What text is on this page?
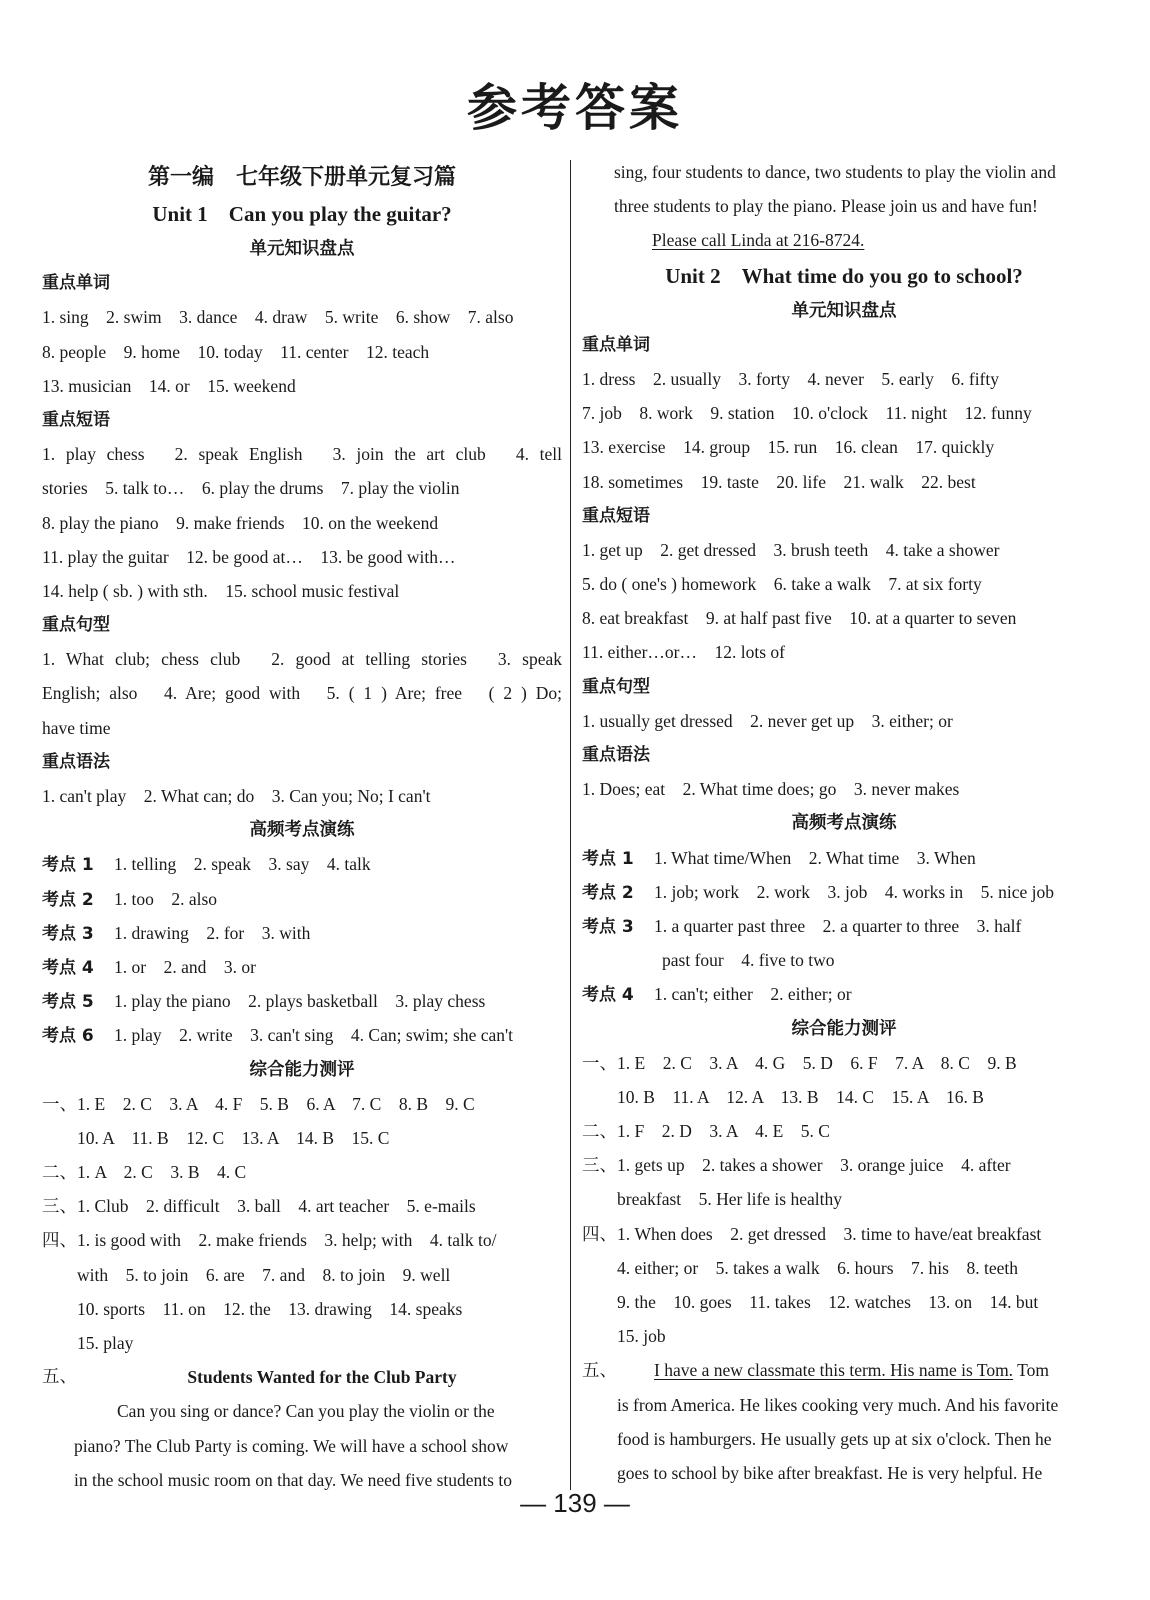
参考答案
第一编　七年级下册单元复习篇
Unit 1　Can you play the guitar?
单元知识盘点
重点单词
1. sing　2. swim　3. dance　4. draw　5. write　6. show　7. also
8. people　9. home　10. today　11. center　12. teach
13. musician　14. or　15. weekend
重点短语
1. play chess　2. speak English　3. join the art club　4. tell
stories　5. talk to…　6. play the drums　7. play the violin
8. play the piano　9. make friends　10. on the weekend
11. play the guitar　12. be good at…　13. be good with…
14. help ( sb. ) with sth.　15. school music festival
重点句型
1. What club; chess club　2. good at telling stories　3. speak
English; also　4. Are; good with　5. ( 1 ) Are; free　( 2 ) Do;
have time
重点语法
1. can't play　2. What can; do　3. Can you; No; I can't
高频考点演练
考点 1 1. telling　2. speak　3. say　4. talk
考点 2 1. too　2. also
考点 3 1. drawing　2. for　3. with
考点 4 1. or　2. and　3. or
考点 5 1. play the piano　2. plays basketball　3. play chess
考点 6 1. play　2. write　3. can't sing　4. Can; swim; she can't
综合能力测评
一、1. E　2. C　3. A　4. F　5. B　6. A　7. C　8. B　9. C
10. A　11. B　12. C　13. A　14. B　15. C
二、1. A　2. C　3. B　4. C
三、1. Club　2. difficult　3. ball　4. art teacher　5. e-mails
四、1. is good with　2. make friends　3. help; with　4. talk to/
with　5. to join　6. are　7. and　8. to join　9. well
10. sports　11. on　12. the　13. drawing　14. speaks
15. play
五、	Students Wanted for the Club Party
Can you sing or dance? Can you play the violin or the
piano? The Club Party is coming. We will have a school show
in the school music room on that day. We need five students to
sing, four students to dance, two students to play the violin and
three students to play the piano. Please join us and have fun!
Please call Linda at 216-8724.
Unit 2　What time do you go to school?
单元知识盘点
重点单词
1. dress　2. usually　3. forty　4. never　5. early　6. fifty
7. job　8. work　9. station　10. o'clock　11. night　12. funny
13. exercise　14. group　15. run　16. clean　17. quickly
18. sometimes　19. taste　20. life　21. walk　22. best
重点短语
1. get up　2. get dressed　3. brush teeth　4. take a shower
5. do ( one's ) homework　6. take a walk　7. at six forty
8. eat breakfast　9. at half past five　10. at a quarter to seven
11. either…or…　12. lots of
重点句型
1. usually get dressed　2. never get up　3. either; or
重点语法
1. Does; eat　2. What time does; go　3. never makes
高频考点演练
考点 1 1. What time/When　2. What time　3. When
考点 2 1. job; work　2. work　3. job　4. works in　5. nice job
考点 3 1. a quarter past three　2. a quarter to three　3. half
past four　4. five to two
考点 4 1. can't; either　2. either; or
综合能力测评
一、1. E　2. C　3. A　4. G　5. D　6. F　7. A　8. C　9. B
10. B　11. A　12. A　13. B　14. C　15. A　16. B
二、1. F　2. D　3. A　4. E　5. C
三、1. gets up　2. takes a shower　3. orange juice　4. after
breakfast　5. Her life is healthy
四、1. When does　2. get dressed　3. time to have/eat breakfast
4. either; or　5. takes a walk　6. hours　7. his　8. teeth
9. the　10. goes　11. takes　12. watches　13. on　14. but
15. job
五、 I have a new classmate this term. His name is Tom. Tom
is from America. He likes cooking very much. And his favorite
food is hamburgers. He usually gets up at six o'clock. Then he
goes to school by bike after breakfast. He is very helpful. He
— 139 —
